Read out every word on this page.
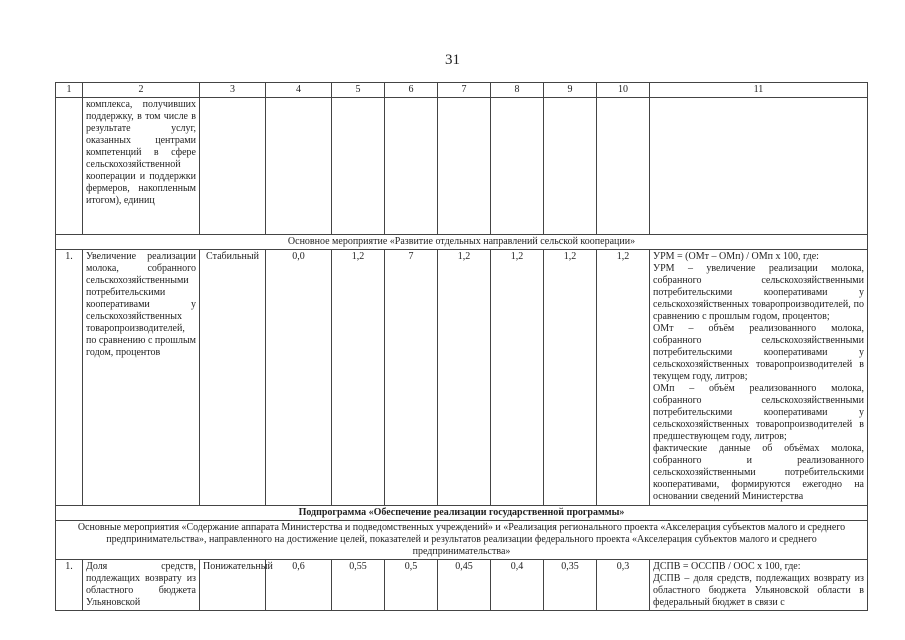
31
1	2	3	4	5	6	7	8	9	10	11
	комплекса, получивших поддержку, в том числе в результате услуг, оказанных центрами компетенций в сфере сельскохозяйственной кооперации и поддержки фермеров, накопленным итогом), единиц									
Основное мероприятие «Развитие отдельных направлений сельской кооперации»										
1.	Увеличение реализации молока, собранного сельскохозяйственными потребительскими кооперативами у сельскохозяйственных товаропроизводителей, по сравнению с прошлым годом, процентов	Стабильный	0,0	1,2	7	1,2	1,2	1,2	1,2	УРМ = (ОМт – ОМп) / ОМп х 100, где:
УРМ – увеличение реализации молока, собранного сельскохозяйственными потребительскими кооперативами у сельскохозяйственных товаропроизводителей, по сравнению с прошлым годом, процентов;
ОМт – объём реализованного молока, собранного сельскохозяйственными потребительскими кооперативами у сельскохозяйственных товаропроизводителей в текущем году, литров;
ОМп – объём реализованного молока, собранного сельскохозяйственными потребительскими кооперативами у сельскохозяйственных товаропроизводителей в предшествующем году, литров;
фактические данные об объёмах молока, собранного и реализованного сельскохозяйственными потребительскими кооперативами, формируются ежегодно на основании сведений Министерства
Подпрограмма «Обеспечение реализации государственной программы»										
Основные мероприятия «Содержание аппарата Министерства и подведомственных учреждений» и «Реализация регионального проекта «Акселерация субъектов малого и среднего предпринимательства», направленного на достижение целей, показателей и результатов реализации федерального проекта «Акселерация субъектов малого и среднего предпринимательства»										
1.	Доля средств, подлежащих возврату из областного бюджета Ульяновской	Понижательный	0,6	0,55	0,5	0,45	0,4	0,35	0,3	ДСПВ = ОССПВ / ООС х 100, где:
ДСПВ – доля средств, подлежащих возврату из областного бюджета Ульяновской области в федеральный бюджет в связи с
